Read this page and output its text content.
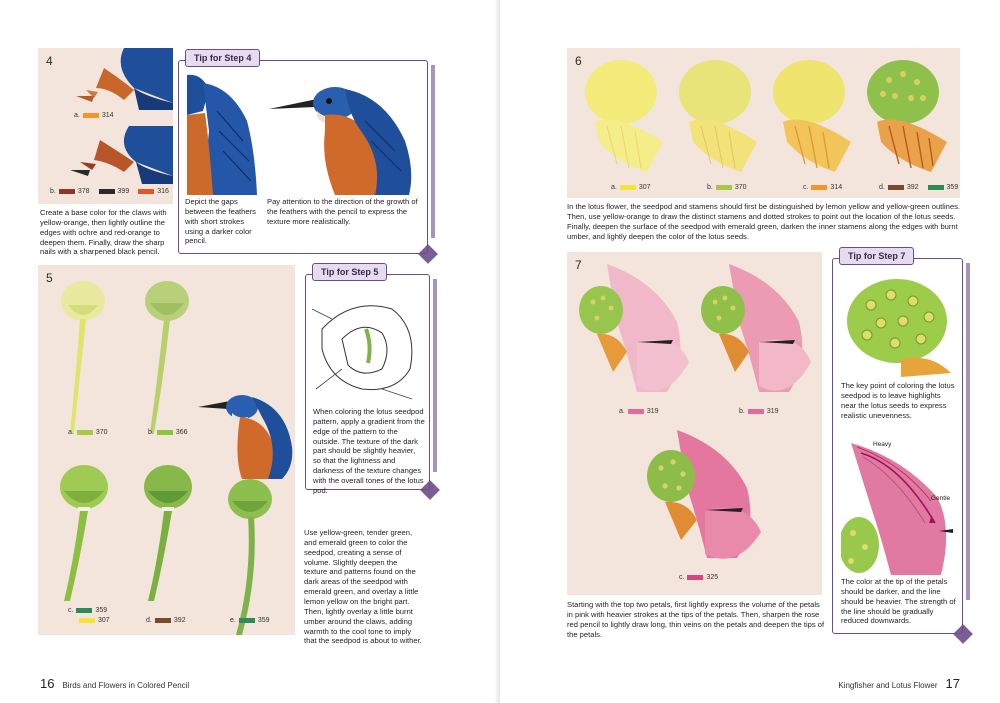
4
a.	314
b.	378	399	316
Create a base color for the claws with yellow-orange, then lightly outline the edges with ochre and red-orange to deepen them. Finally, draw the sharp nails with a sharpened black pencil.
Tip for Step 4
Depict the gaps between the feathers with short strokes using a darker color pencil.
Pay attention to the direction of the growth of the feathers with the pencil to express the texture more realistically.
5
a.	370	b.	366
c.	359
307	d.	392	e.	359
Tip for Step 5
When coloring the lotus seedpod pattern, apply a gradient from the edge of the pattern to the outside. The texture of the dark part should be slightly heavier, so that the lightness and darkness of the texture changes with the overall tones of the lotus pod.
Use yellow-green, tender green, and emerald green to color the seedpod, creating a sense of volume. Slightly deepen the texture and patterns found on the dark areas of the seedpod with emerald green, and overlay a little lemon yellow on the bright part. Then, lightly overlay a little burnt umber around the claws, adding warmth to the cool tone to imply that the seedpod is about to wither.
16 Birds and Flowers in Colored Pencil
6
a.	307	b.	370	c.	314	d.	392	359
In the lotus flower, the seedpod and stamens should first be distinguished by lemon yellow and yellow-green outlines. Then, use yellow-orange to draw the distinct stamens and dotted strokes to point out the location of the lotus seeds. Finally, deepen the surface of the seedpod with emerald green, darken the inner stamens along the edges with burnt umber, and lightly deepen the color of the lotus seeds.
7
a.	319	b.	319
c.	325
Starting with the top two petals, first lightly express the volume of the petals in pink with heavier strokes at the tips of the petals. Then, sharpen the rose red pencil to lightly draw long, thin veins on the petals and deepen the tips of the petals.
Tip for Step 7
The key point of coloring the lotus seedpod is to leave highlights near the lotus seeds to express realistic unevenness.
Heavy
Gentle
The color at the tip of the petals should be darker, and the line should be heavier. The strength of the line should be gradually reduced downwards.
Kingfisher and Lotus Flower 17
